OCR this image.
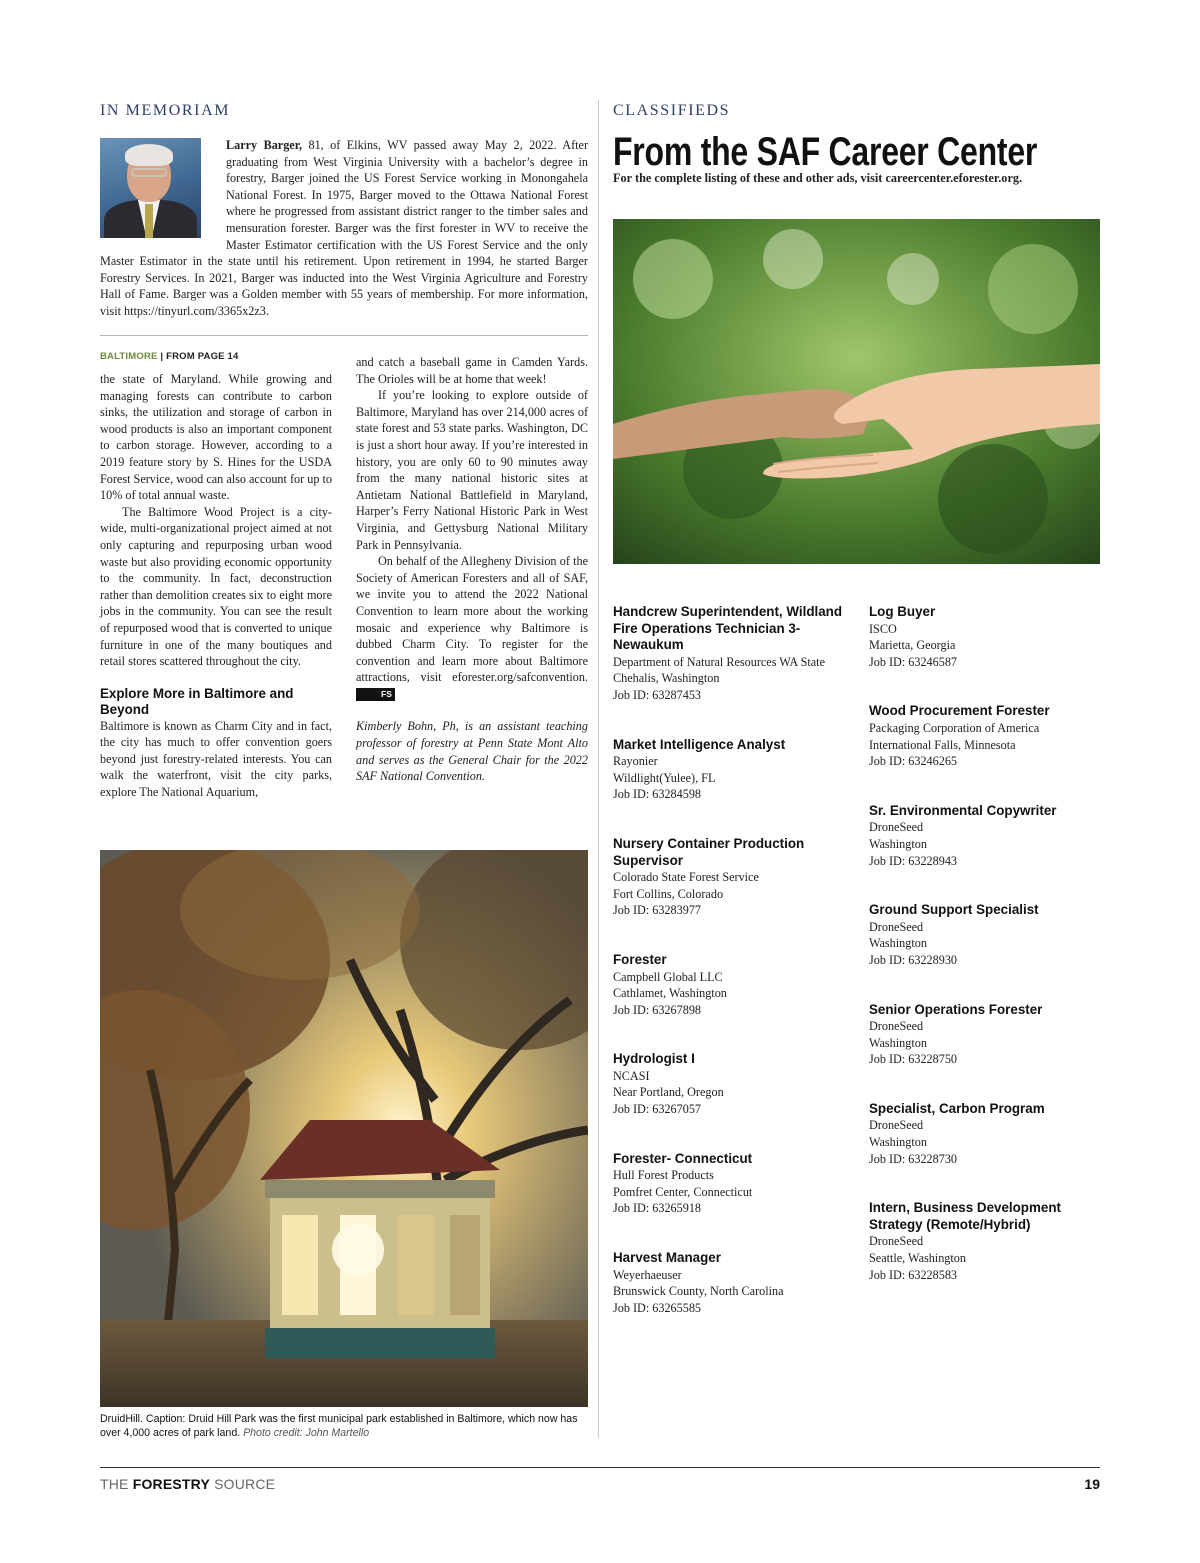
IN MEMORIAM

Larry Barger, 81, of Elkins, WV passed away May 2, 2022. After graduating from West Virginia University with a bachelor’s degree in forestry, Barger joined the US Forest Service working in Monongahela National Forest. In 1975, Barger moved to the Ottawa National Forest where he progressed from assistant district ranger to the timber sales and mensuration forester. Barger was the first forester in WV to receive the Master Estimator certification with the US Forest Service and the only Master Estimator in the state until his retirement. Upon retirement in 1994, he started Barger Forestry Services. In 2021, Barger was inducted into the West Virginia Agriculture and Forestry Hall of Fame. Barger was a Golden member with 55 years of membership. For more information, visit https://tinyurl.com/3365x2z3.

BALTIMORE | FROM PAGE 14

the state of Maryland. While growing and managing forests can contribute to carbon sinks, the utilization and storage of carbon in wood products is also an important component to carbon storage. However, according to a 2019 feature story by S. Hines for the USDA Forest Service, wood can also account for up to 10% of total annual waste.

The Baltimore Wood Project is a city-wide, multi-organizational project aimed at not only capturing and repurposing urban wood waste but also providing economic opportunity to the community. In fact, deconstruction rather than demolition creates six to eight more jobs in the community. You can see the result of repurposed wood that is converted to unique furniture in one of the many boutiques and retail stores scattered throughout the city.

Explore More in Baltimore and Beyond

Baltimore is known as Charm City and in fact, the city has much to offer convention goers beyond just forestry-related interests. You can walk the waterfront, visit the city parks, explore The National Aquarium,

and catch a baseball game in Camden Yards. The Orioles will be at home that week!

If you’re looking to explore outside of Baltimore, Maryland has over 214,000 acres of state forest and 53 state parks. Washington, DC is just a short hour away. If you’re interested in history, you are only 60 to 90 minutes away from the many national historic sites at Antietam National Battlefield in Maryland, Harper’s Ferry National Historic Park in West Virginia, and Gettysburg National Military Park in Pennsylvania.

On behalf of the Allegheny Division of the Society of American Foresters and all of SAF, we invite you to attend the 2022 National Convention to learn more about the working mosaic and experience why Baltimore is dubbed Charm City. To register for the convention and learn more about Baltimore attractions, visit eforester.org/safconvention. FS

Kimberly Bohn, Ph, is an assistant teaching professor of forestry at Penn State Mont Alto and serves as the General Chair for the 2022 SAF National Convention.

DruidHill. Caption: Druid Hill Park was the first municipal park established in Baltimore, which now has over 4,000 acres of park land. Photo credit: John Martello
CLASSIFIEDS
From the SAF Career Center
For the complete listing of these and other ads, visit careercenter.eforester.org.
Handcrew Superintendent, Wildland Fire Operations Technician 3-Newaukum
Department of Natural Resources WA State
Chehalis, Washington
Job ID: 63287453
Market Intelligence Analyst
Rayonier
Wildlight(Yulee), FL
Job ID: 63284598
Nursery Container Production Supervisor
Colorado State Forest Service
Fort Collins, Colorado
Job ID: 63283977
Forester
Campbell Global LLC
Cathlamet, Washington
Job ID: 63267898
Hydrologist I
NCASI
Near Portland, Oregon
Job ID: 63267057
Forester- Connecticut
Hull Forest Products
Pomfret Center, Connecticut
Job ID: 63265918
Harvest Manager
Weyerhaeuser
Brunswick County, North Carolina
Job ID: 63265585
Log Buyer
ISCO
Marietta, Georgia
Job ID: 63246587
Wood Procurement Forester
Packaging Corporation of America
International Falls, Minnesota
Job ID: 63246265
Sr. Environmental Copywriter
DroneSeed
Washington
Job ID: 63228943
Ground Support Specialist
DroneSeed
Washington
Job ID: 63228930
Senior Operations Forester
DroneSeed
Washington
Job ID: 63228750
Specialist, Carbon Program
DroneSeed
Washington
Job ID: 63228730
Intern, Business Development Strategy (Remote/Hybrid)
DroneSeed
Seattle, Washington
Job ID: 63228583
THE FORESTRY SOURCE	19
